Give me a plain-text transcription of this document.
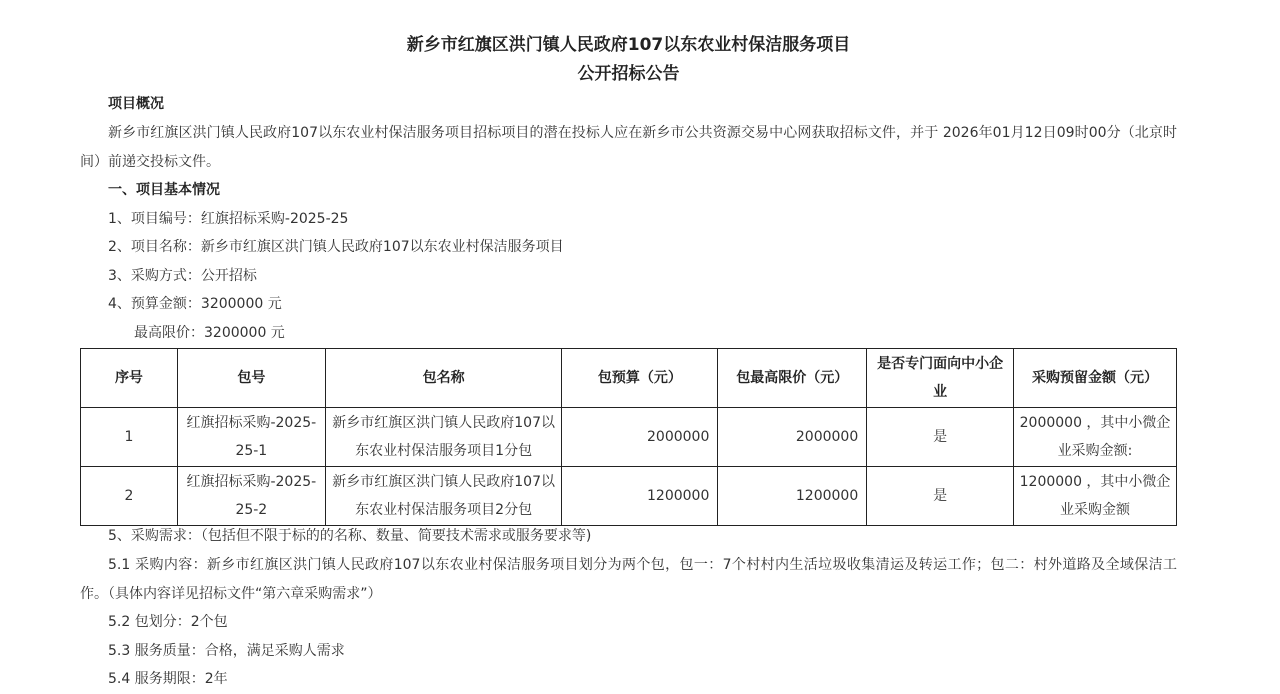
新乡市红旗区洪门镇人民政府107以东农业村保洁服务项目
公开招标公告
项目概况
新乡市红旗区洪门镇人民政府107以东农业村保洁服务项目招标项目的潜在投标人应在新乡市公共资源交易中心网获取招标文件，并于 2026年01月12日09时00分（北京时间）前递交投标文件。
一、项目基本情况
1、项目编号：红旗招标采购-2025-25
2、项目名称：新乡市红旗区洪门镇人民政府107以东农业村保洁服务项目
3、采购方式：公开招标
4、预算金额：3200000 元
最高限价：3200000 元
序号	包号	包名称	包预算（元）	包最高限价（元）	是否专门面向中小企业	采购预留金额（元）
1	红旗招标采购-2025-25-1	新乡市红旗区洪门镇人民政府107以东农业村保洁服务项目1分包	2000000	2000000	是	2000000 ，其中小微企业采购金额:
2	红旗招标采购-2025-25-2	新乡市红旗区洪门镇人民政府107以东农业村保洁服务项目2分包	1200000	1200000	是	1200000 ，其中小微企业采购金额
5、采购需求：（包括但不限于标的的名称、数量、简要技术需求或服务要求等)
5.1 采购内容：新乡市红旗区洪门镇人民政府107以东农业村保洁服务项目划分为两个包，包一：7个村村内生活垃圾收集清运及转运工作；包二：村外道路及全域保洁工作。（具体内容详见招标文件“第六章采购需求”）
5.2 包划分：2个包
5.3 服务质量：合格，满足采购人需求
5.4 服务期限：2年
